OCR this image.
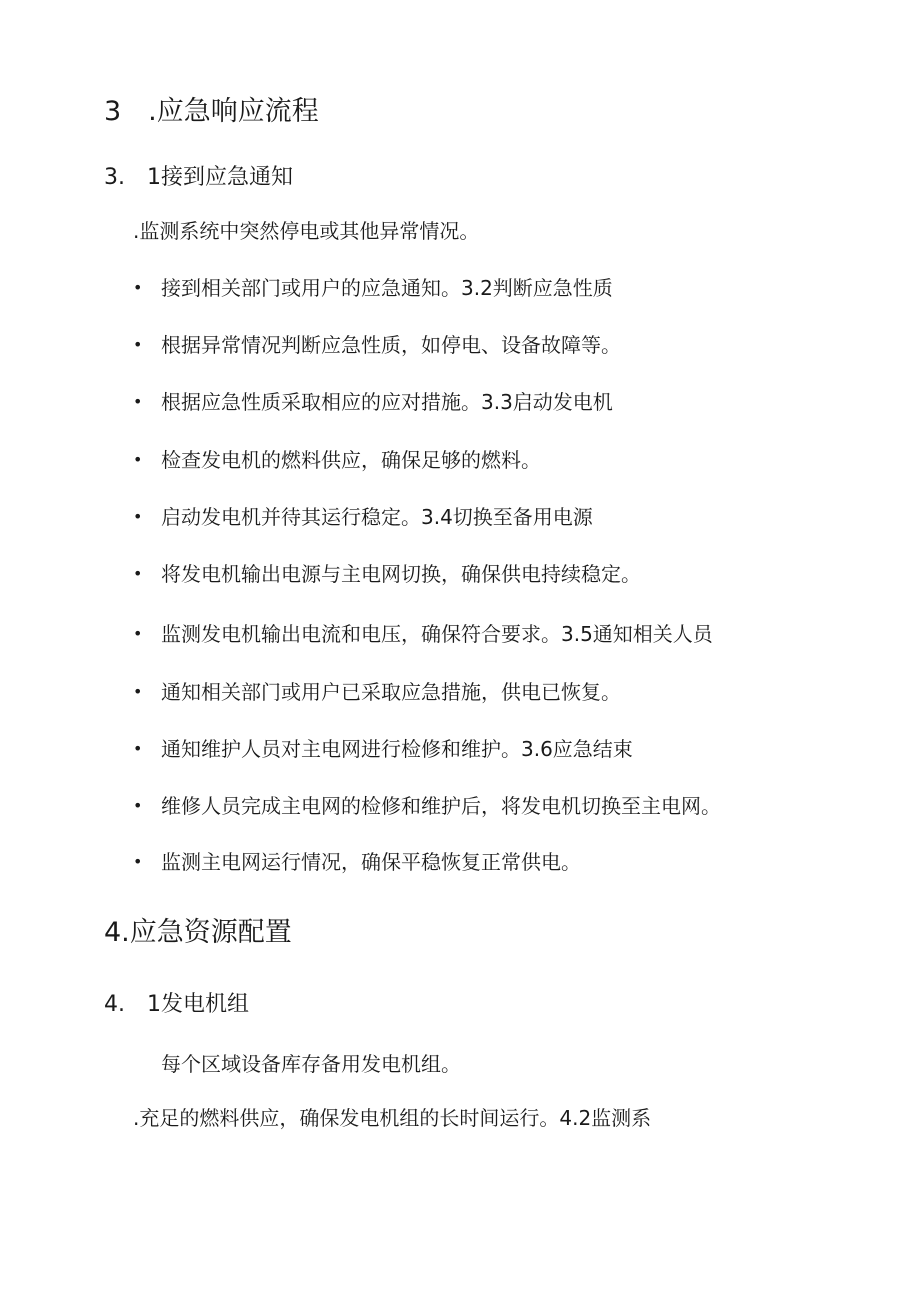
3　.应急响应流程
3.　1接到应急通知
.监测系统中突然停电或其他异常情况。
• 接到相关部门或用户的应急通知。3.2判断应急性质
• 根据异常情况判断应急性质，如停电、设备故障等。
• 根据应急性质采取相应的应对措施。3.3启动发电机
• 检查发电机的燃料供应，确保足够的燃料。
• 启动发电机并待其运行稳定。3.4切换至备用电源
• 将发电机输出电源与主电网切换，确保供电持续稳定。
• 监测发电机输出电流和电压，确保符合要求。3.5通知相关人员
• 通知相关部门或用户已采取应急措施，供电已恢复。
• 通知维护人员对主电网进行检修和维护。3.6应急结束
• 维修人员完成主电网的检修和维护后，将发电机切换至主电网。
• 监测主电网运行情况，确保平稳恢复正常供电。
4.应急资源配置
4.　1发电机组
每个区域设备库存备用发电机组。
.充足的燃料供应，确保发电机组的长时间运行。4.2监测系
